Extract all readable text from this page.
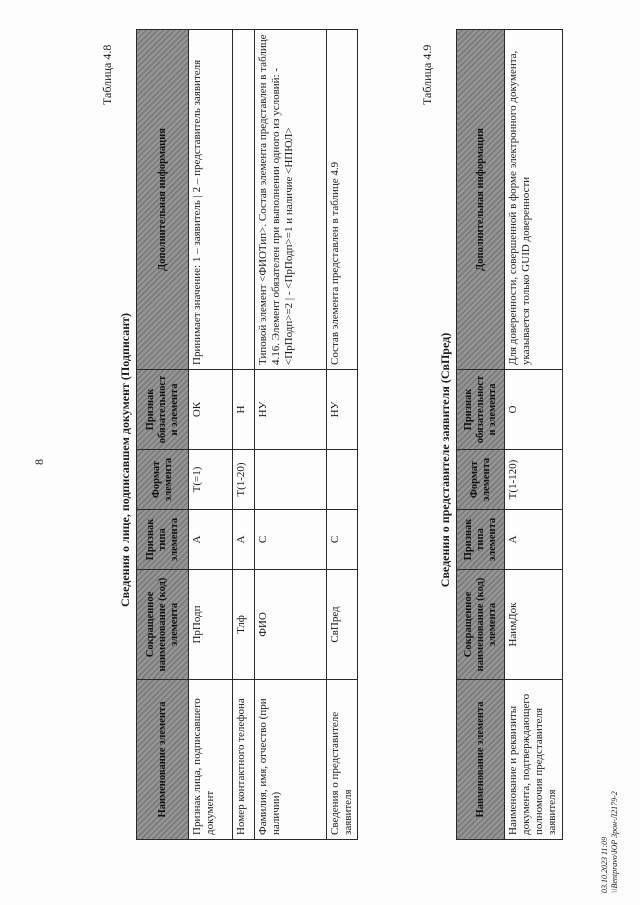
8
Таблица 4.8
Сведения о лице, подписавшем документ (Подписант)
Наименование элемента	Сокращенное наименование (код) элемента	Признак типа элемента	Формат элемента	Признак обязательности элемента	Дополнительная информация
Признак лица, подписавшего документ	ПрПодп	А	T(=1)	ОК	Принимает значение: 1 – заявитель | 2 – представитель заявителя
Номер контактного телефона	Тлф	А	T(1-20)	Н	
Фамилия, имя, отчество (при наличии)	ФИО	С		НУ	Типовой элемент <ФИОТип>. Состав элемента представлен в таблице 4.16. Элемент обязателен при выполнении одного из условий: - <ПрПодп>=2 | - <ПрПодп>=1 и наличие <НПЮЛ>
Сведения о представителе заявителя	СвПред	С		НУ	Состав элемента представлен в таблице 4.9
Таблица 4.9
Сведения о представителе заявителя (СвПред)
Наименование элемента	Сокращенное наименование (код) элемента	Признак типа элемента	Формат элемента	Признак обязательности элемента	Дополнительная информация
Наименование и реквизиты документа, подтверждающего полномочия представителя заявителя	НаимДок	А	T(1-120)	О	Для доверенности, совершенной в форме электронного документа, указывается только GUID доверенности
03.10.2023 11:09 \\Bentpravo\ЮР Зрон-Л2179-2
